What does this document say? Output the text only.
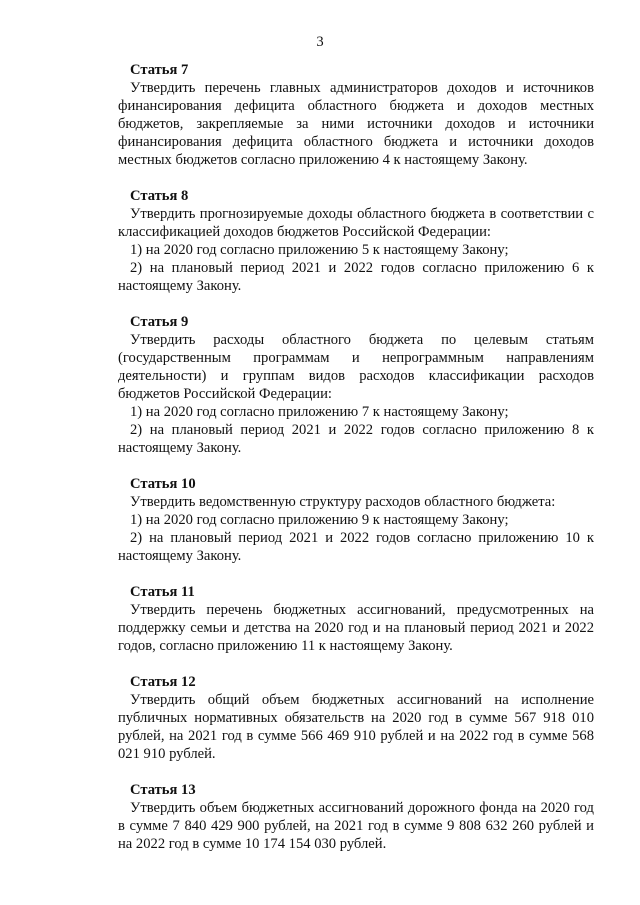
3
Статья 7
Утвердить перечень главных администраторов доходов и источников финансирования дефицита областного бюджета и доходов местных бюджетов, закрепляемые за ними источники доходов и источники финансирования дефицита областного бюджета и источники доходов местных бюджетов согласно приложению 4 к настоящему Закону.
Статья 8
Утвердить прогнозируемые доходы областного бюджета в соответствии с классификацией доходов бюджетов Российской Федерации:
1) на 2020 год согласно приложению 5 к настоящему Закону;
2) на плановый период 2021 и 2022 годов согласно приложению 6 к настоящему Закону.
Статья 9
Утвердить расходы областного бюджета по целевым статьям (государственным программам и непрограммным направлениям деятельности) и группам видов расходов классификации расходов бюджетов Российской Федерации:
1) на 2020 год согласно приложению 7 к настоящему Закону;
2) на плановый период 2021 и 2022 годов согласно приложению 8 к настоящему Закону.
Статья 10
Утвердить ведомственную структуру расходов областного бюджета:
1) на 2020 год согласно приложению 9 к настоящему Закону;
2) на плановый период 2021 и 2022 годов согласно приложению 10 к настоящему Закону.
Статья 11
Утвердить перечень бюджетных ассигнований, предусмотренных на поддержку семьи и детства на 2020 год и на плановый период 2021 и 2022 годов, согласно приложению 11 к настоящему Закону.
Статья 12
Утвердить общий объем бюджетных ассигнований на исполнение публичных нормативных обязательств на 2020 год в сумме 567 918 010 рублей, на 2021 год в сумме 566 469 910 рублей и на 2022 год в сумме 568 021 910 рублей.
Статья 13
Утвердить объем бюджетных ассигнований дорожного фонда на 2020 год в сумме 7 840 429 900 рублей, на 2021 год в сумме 9 808 632 260 рублей и на 2022 год в сумме 10 174 154 030 рублей.
